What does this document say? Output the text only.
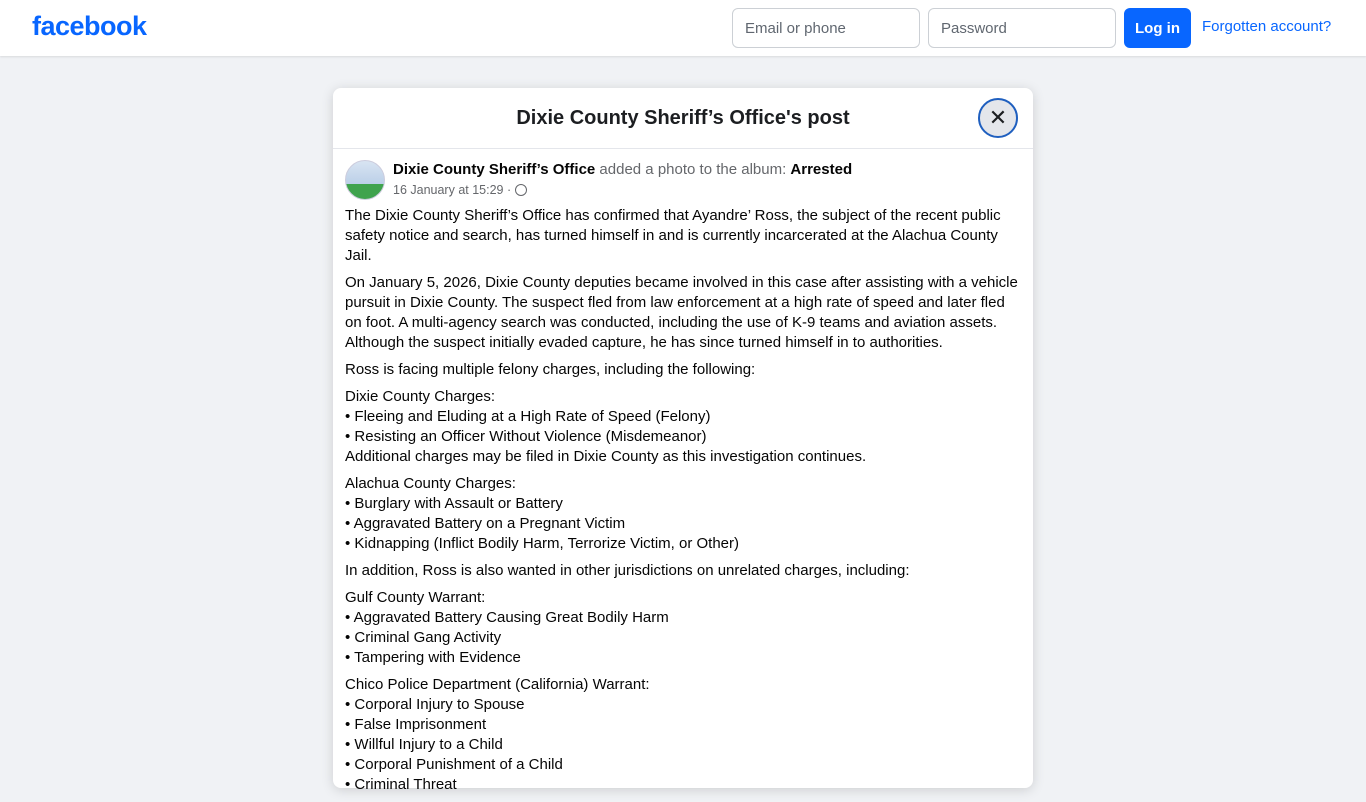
facebook	Email or phone	Password	Log in	Forgotten account?
Dixie County Sheriff’s Office's post	✕
Dixie County Sheriff’s Office added a photo to the album: Arrested
16 January at 15:29 ·
The Dixie County Sheriff’s Office has confirmed that Ayandre’ Ross, the subject of the recent public
safety notice and search, has turned himself in and is currently incarcerated at the Alachua County Jail.
On January 5, 2026, Dixie County deputies became involved in this case after assisting with a vehicle
pursuit in Dixie County. The suspect fled from law enforcement at a high rate of speed and later fled
on foot. A multi-agency search was conducted, including the use of K-9 teams and aviation assets.
Although the suspect initially evaded capture, he has since turned himself in to authorities.
Ross is facing multiple felony charges, including the following:
Dixie County Charges:
• Fleeing and Eluding at a High Rate of Speed (Felony)
• Resisting an Officer Without Violence (Misdemeanor)
Additional charges may be filed in Dixie County as this investigation continues.
Alachua County Charges:
• Burglary with Assault or Battery
• Aggravated Battery on a Pregnant Victim
• Kidnapping (Inflict Bodily Harm, Terrorize Victim, or Other)
In addition, Ross is also wanted in other jurisdictions on unrelated charges, including:
Gulf County Warrant:
• Aggravated Battery Causing Great Bodily Harm
• Criminal Gang Activity
• Tampering with Evidence
Chico Police Department (California) Warrant:
• Corporal Injury to Spouse
• False Imprisonment
• Willful Injury to a Child
• Corporal Punishment of a Child
• Criminal Threat
